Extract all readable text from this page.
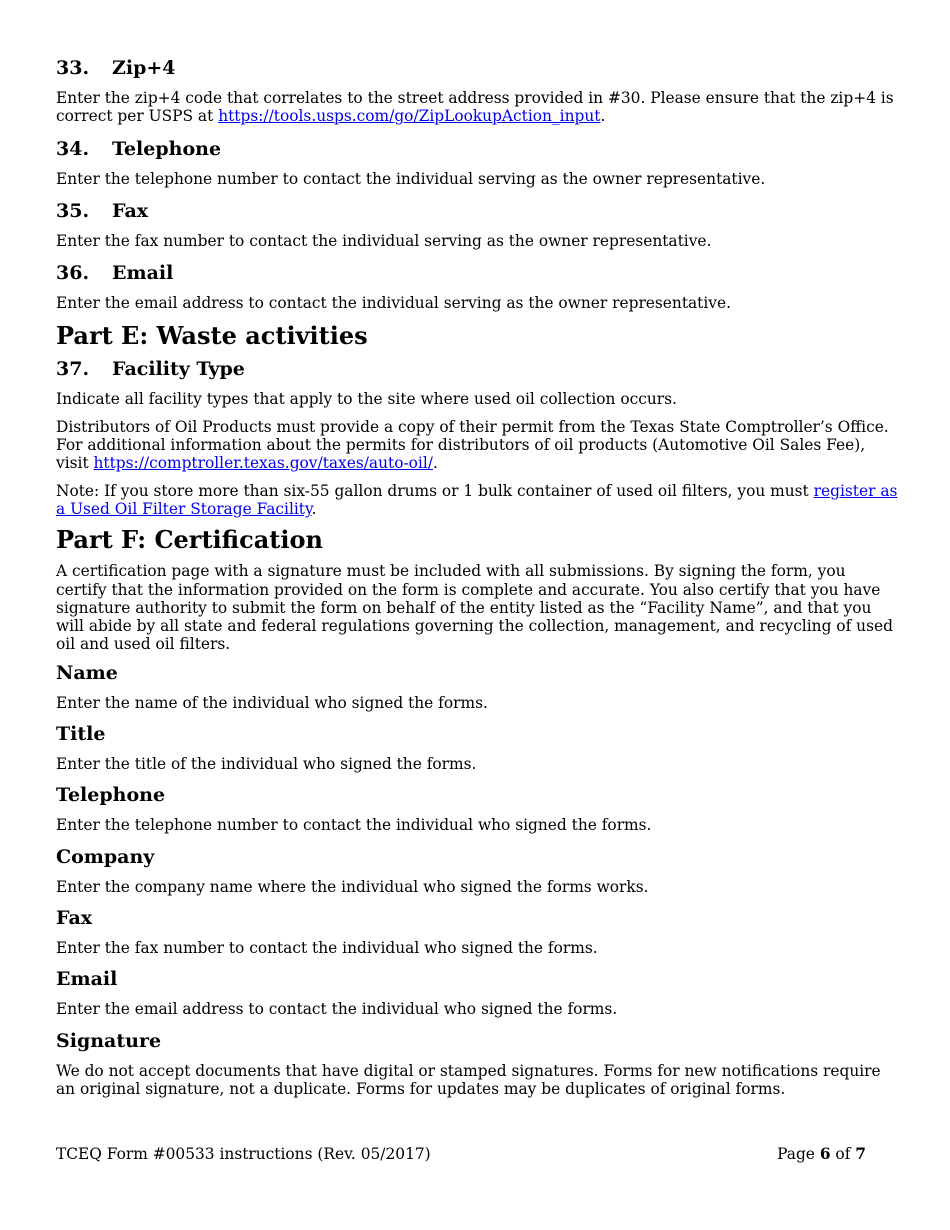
33.	Zip+4

Enter the zip+4 code that correlates to the street address provided in #30. Please ensure that the zip+4 is correct per USPS at https://tools.usps.com/go/ZipLookupAction_input.

34.	Telephone

Enter the telephone number to contact the individual serving as the owner representative.

35.	Fax

Enter the fax number to contact the individual serving as the owner representative.

36.	Email

Enter the email address to contact the individual serving as the owner representative.

Part E: Waste activities
37.	Facility Type

Indicate all facility types that apply to the site where used oil collection occurs.

Distributors of Oil Products must provide a copy of their permit from the Texas State Comptroller’s Office. For additional information about the permits for distributors of oil products (Automotive Oil Sales Fee), visit https://comptroller.texas.gov/taxes/auto-oil/.

Note: If you store more than six-55 gallon drums or 1 bulk container of used oil filters, you must register as a Used Oil Filter Storage Facility.

Part F: Certification

A certification page with a signature must be included with all submissions. By signing the form, you certify that the information provided on the form is complete and accurate. You also certify that you have signature authority to submit the form on behalf of the entity listed as the “Facility Name”, and that you will abide by all state and federal regulations governing the collection, management, and recycling of used oil and used oil filters.

Name

Enter the name of the individual who signed the forms.

Title

Enter the title of the individual who signed the forms.

Telephone

Enter the telephone number to contact the individual who signed the forms.

Company

Enter the company name where the individual who signed the forms works.

Fax

Enter the fax number to contact the individual who signed the forms.

Email

Enter the email address to contact the individual who signed the forms.

Signature

We do not accept documents that have digital or stamped signatures. Forms for new notifications require an original signature, not a duplicate. Forms for updates may be duplicates of original forms.

TCEQ Form #00533 instructions (Rev. 05/2017)	Page 6 of 7
